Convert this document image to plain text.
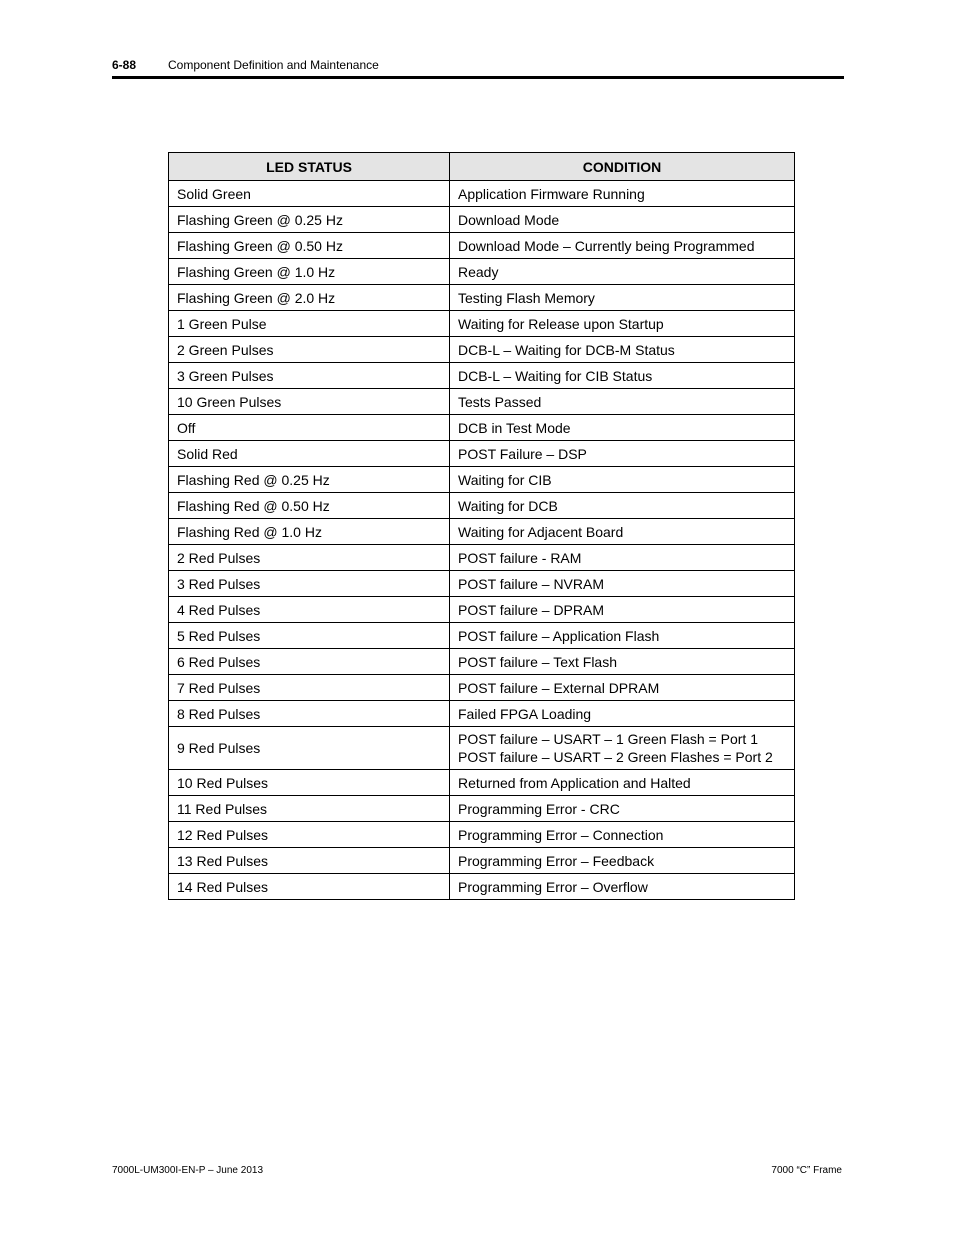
6-88	Component Definition and Maintenance
LED STATUS	CONDITION
Solid Green	Application Firmware Running
Flashing Green @ 0.25 Hz	Download Mode
Flashing Green @ 0.50 Hz	Download Mode – Currently being Programmed
Flashing Green @ 1.0 Hz	Ready
Flashing Green @ 2.0 Hz	Testing Flash Memory
1 Green Pulse	Waiting for Release upon Startup
2 Green Pulses	DCB-L – Waiting for DCB-M Status
3 Green Pulses	DCB-L – Waiting for CIB Status
10 Green Pulses	Tests Passed
Off	DCB in Test Mode
Solid Red	POST Failure – DSP
Flashing Red @ 0.25 Hz	Waiting for CIB
Flashing Red @ 0.50 Hz	Waiting for DCB
Flashing Red @ 1.0 Hz	Waiting for Adjacent Board
2 Red Pulses	POST failure - RAM
3 Red Pulses	POST failure – NVRAM
4 Red Pulses	POST failure – DPRAM
5 Red Pulses	POST failure – Application Flash
6 Red Pulses	POST failure – Text Flash
7 Red Pulses	POST failure – External DPRAM
8 Red Pulses	Failed FPGA Loading
9 Red Pulses	POST failure – USART – 1 Green Flash = Port 1
POST failure – USART – 2 Green Flashes = Port 2

10 Red Pulses	Returned from Application and Halted
11 Red Pulses	Programming Error - CRC
12 Red Pulses	Programming Error – Connection
13 Red Pulses	Programming Error – Feedback
14 Red Pulses	Programming Error – Overflow
7000L-UM300I-EN-P – June 2013	7000 “C” Frame
